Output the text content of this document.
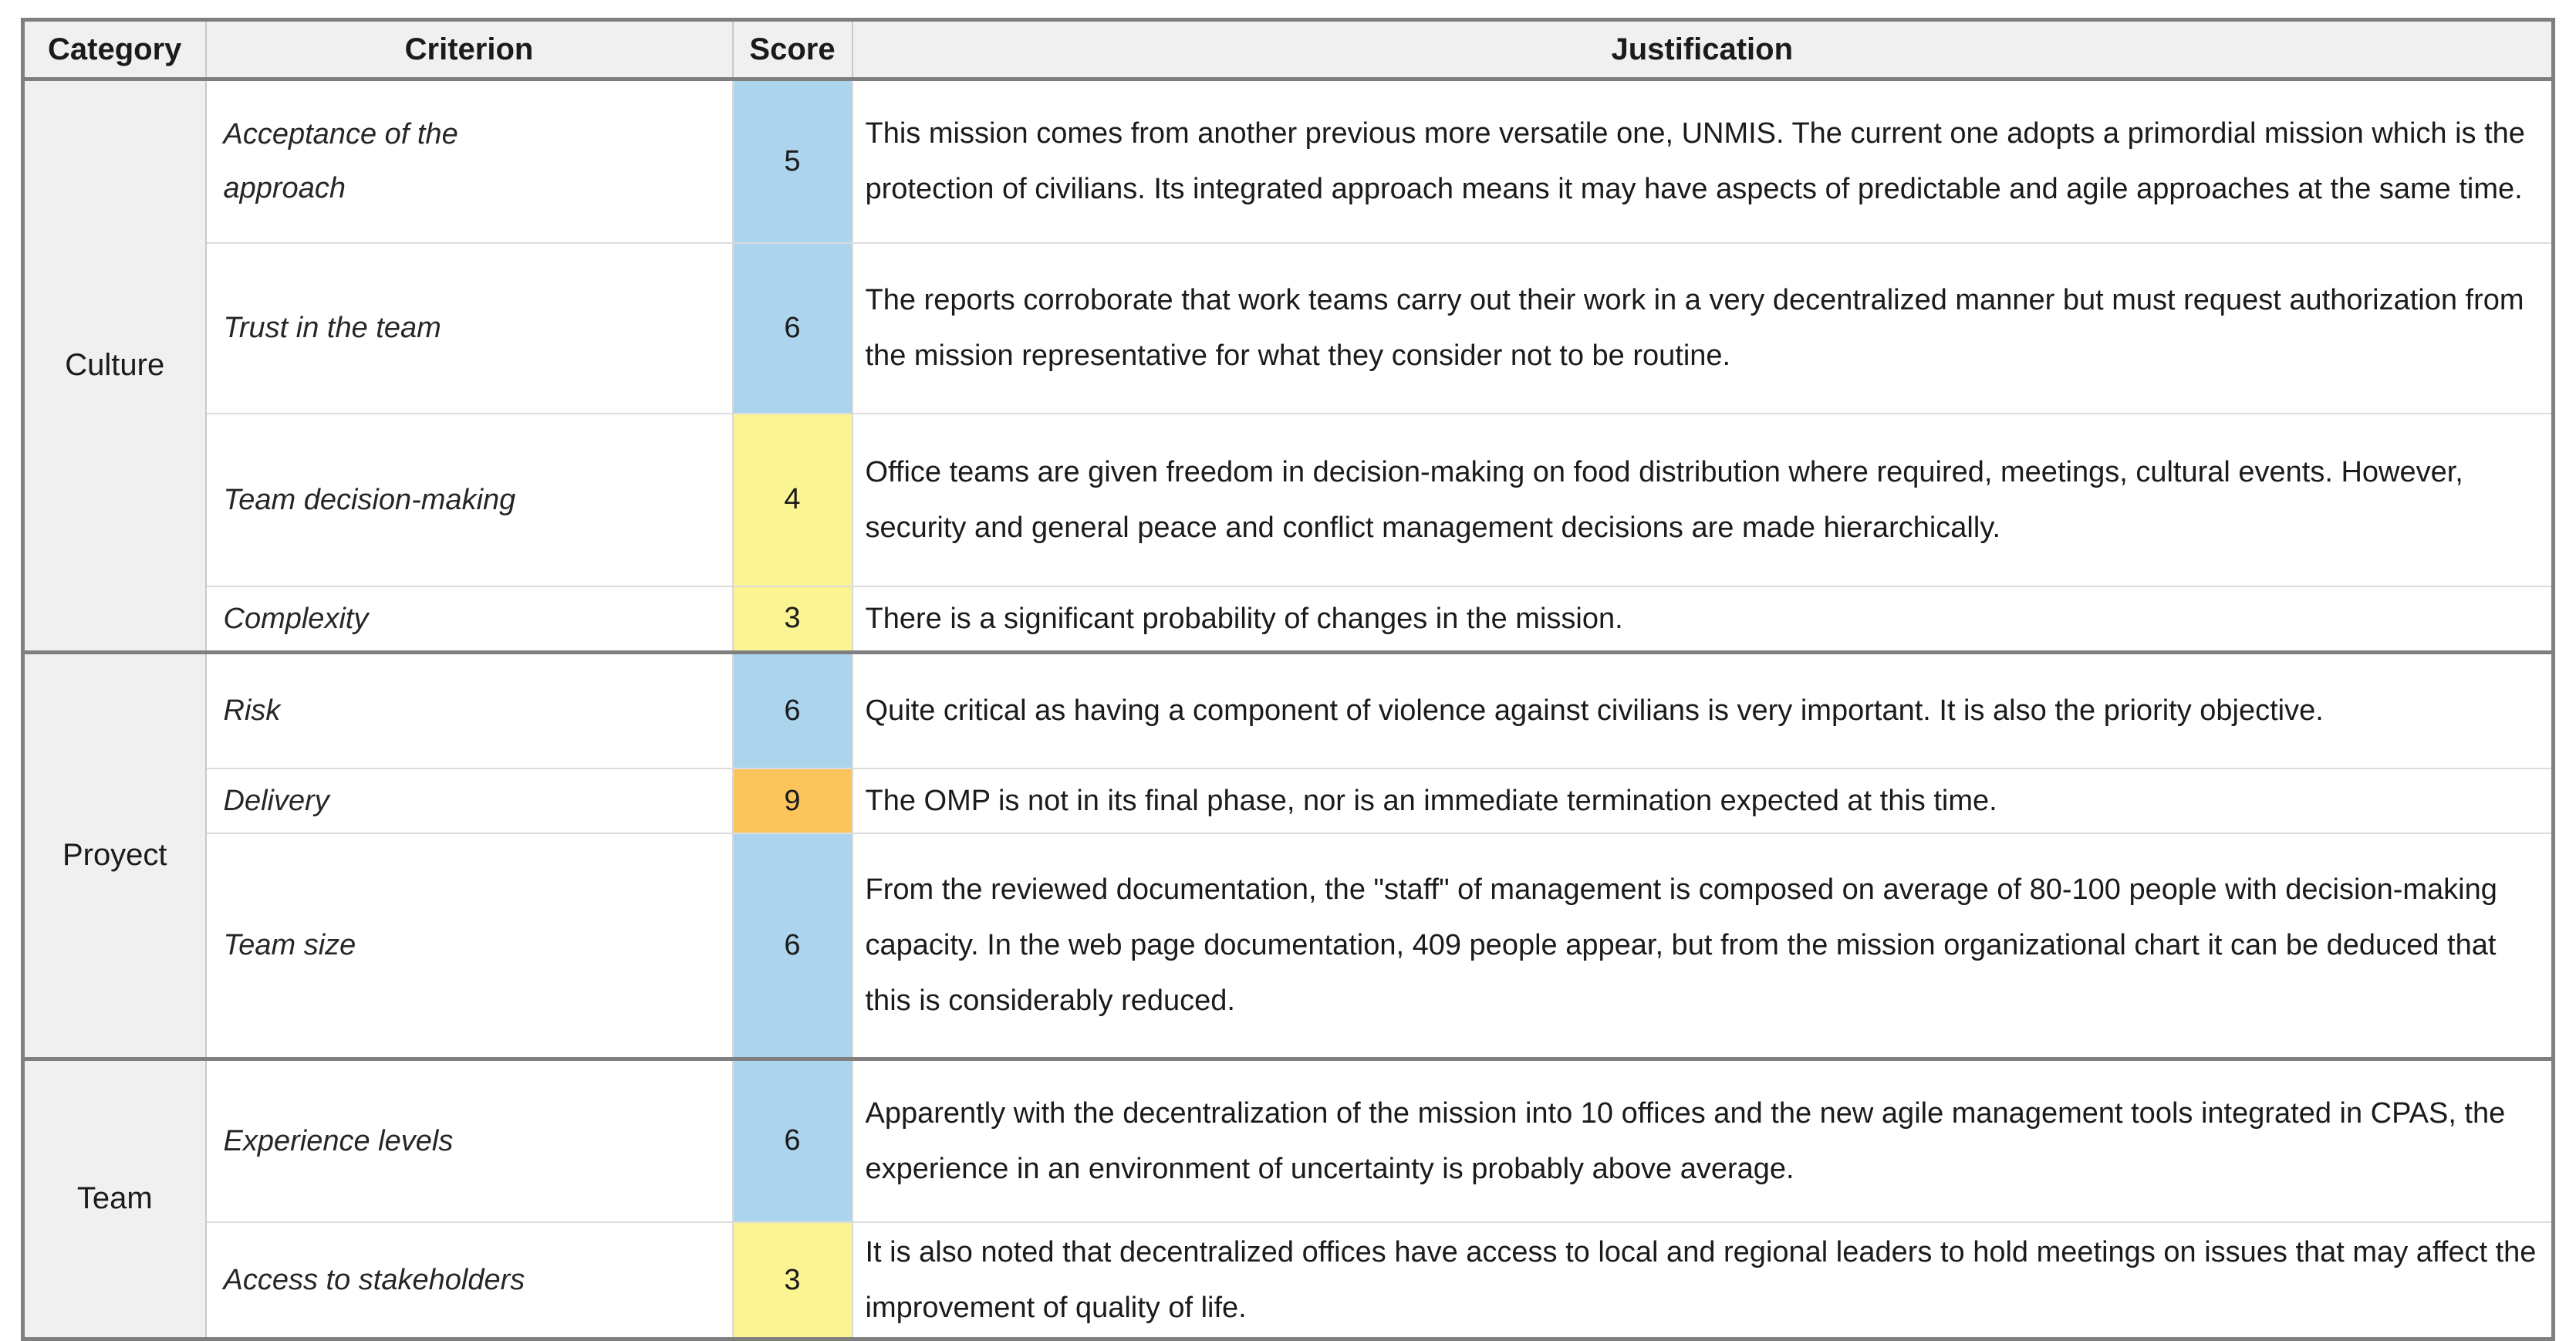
Category	Criterion	Score	Justification
Culture	Acceptance of the approach	5	This mission comes from another previous more versatile one, UNMIS. The current one adopts a primordial mission which is the protection of civilians. Its integrated approach means it may have aspects of predictable and agile approaches at the same time.
	Trust in the team	6	The reports corroborate that work teams carry out their work in a very decentralized manner but must request authorization from the mission representative for what they consider not to be routine.
	Team decision-making	4	Office teams are given freedom in decision-making on food distribution where required, meetings, cultural events. However, security and general peace and conflict management decisions are made hierarchically.
	Complexity	3	There is a significant probability of changes in the mission.
Proyect	Risk	6	Quite critical as having a component of violence against civilians is very important. It is also the priority objective.
	Delivery	9	The OMP is not in its final phase, nor is an immediate termination expected at this time.
	Team size	6	From the reviewed documentation, the "staff" of management is composed on average of 80-100 people with decision-making capacity. In the web page documentation, 409 people appear, but from the mission organizational chart it can be deduced that this is considerably reduced.
Team	Experience levels	6	Apparently with the decentralization of the mission into 10 offices and the new agile management tools integrated in CPAS, the experience in an environment of uncertainty is probably above average.
	Access to stakeholders	3	It is also noted that decentralized offices have access to local and regional leaders to hold meetings on issues that may affect the improvement of quality of life.
